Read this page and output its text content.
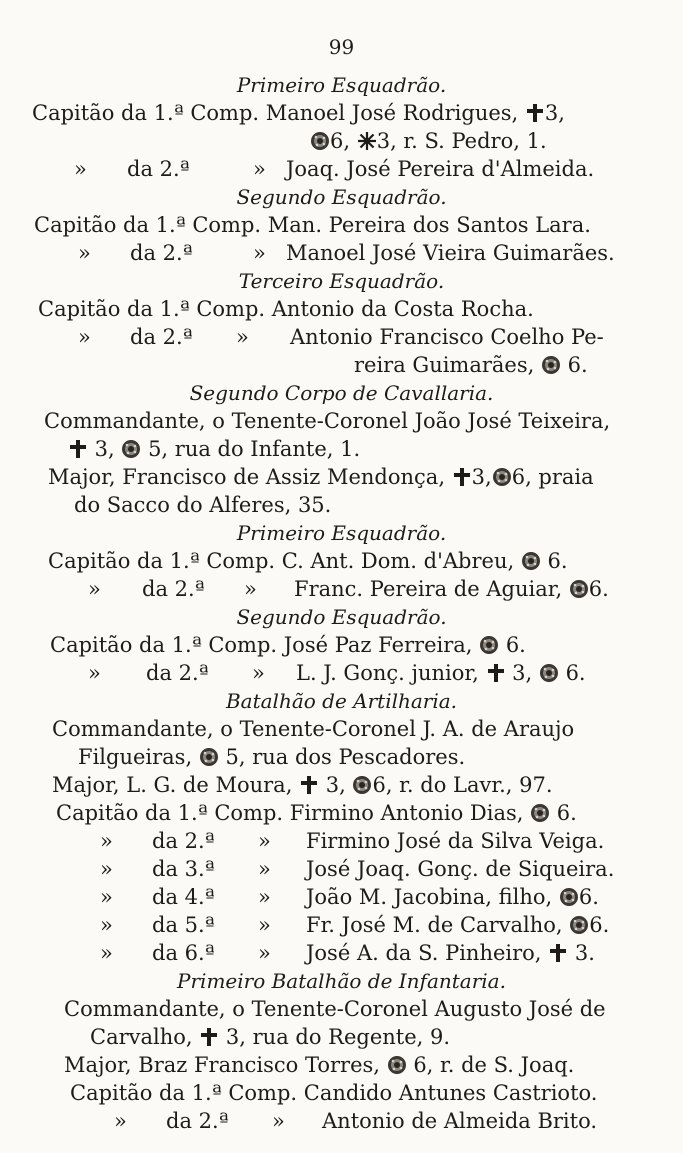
99
Primeiro Esquadrão.
Capitão da 1.ª Comp. Manoel José Rodrigues,
3,
6,
3, r. S. Pedro, 1.
» da 2.ª	» Joaq. José Pereira d'Almeida.
Segundo Esquadrão.
Capitão da 1.ª Comp. Man. Pereira dos Santos Lara.
» da 2.ª	» Manoel José Vieira Guimarães.
Terceiro Esquadrão.
Capitão da 1.ª Comp. Antonio da Costa Rocha.
» da 2.ª » Antonio Francisco Coelho Pe-
reira Guimarães,
6.
Segundo Corpo de Cavallaria.
Commandante, o Tenente-Coronel João José Teixeira,
3,
5, rua do Infante, 1.
Major, Francisco de Assiz Mendonça,
3, 6, praia
do Sacco do Alferes, 35.
Primeiro Esquadrão.
Capitão da 1.ª Comp. C. Ant. Dom. d'Abreu,
6.
» da 2.ª » Franc. Pereira de Aguiar,
6.
Segundo Esquadrão.
Capitão da 1.ª Comp. José Paz Ferreira,
6.
» da 2.ª » L. J. Gonç. junior,
3,
6.
Batalhão de Artilharia.
Commandante, o Tenente-Coronel J. A. de Araujo
Filgueiras,
5, rua dos Pescadores.
Major, L. G. de Moura,
3,
6, r. do Lavr., 97.
Capitão da 1.ª Comp. Firmino Antonio Dias,
6.
» da 2.ª » Firmino José da Silva Veiga.
» da 3.ª » José Joaq. Gonç. de Siqueira.
» da 4.ª » João M. Jacobina, filho,
6.
» da 5.ª » Fr. José M. de Carvalho,
6.
» da 6.ª » José A. da S. Pinheiro,
3.
Primeiro Batalhão de Infantaria.
Commandante, o Tenente-Coronel Augusto José de
Carvalho,
3, rua do Regente, 9.
Major, Braz Francisco Torres,
6, r. de S. Joaq.
Capitão da 1.ª Comp. Candido Antunes Castrioto.
» da 2.ª » Antonio de Almeida Brito.
